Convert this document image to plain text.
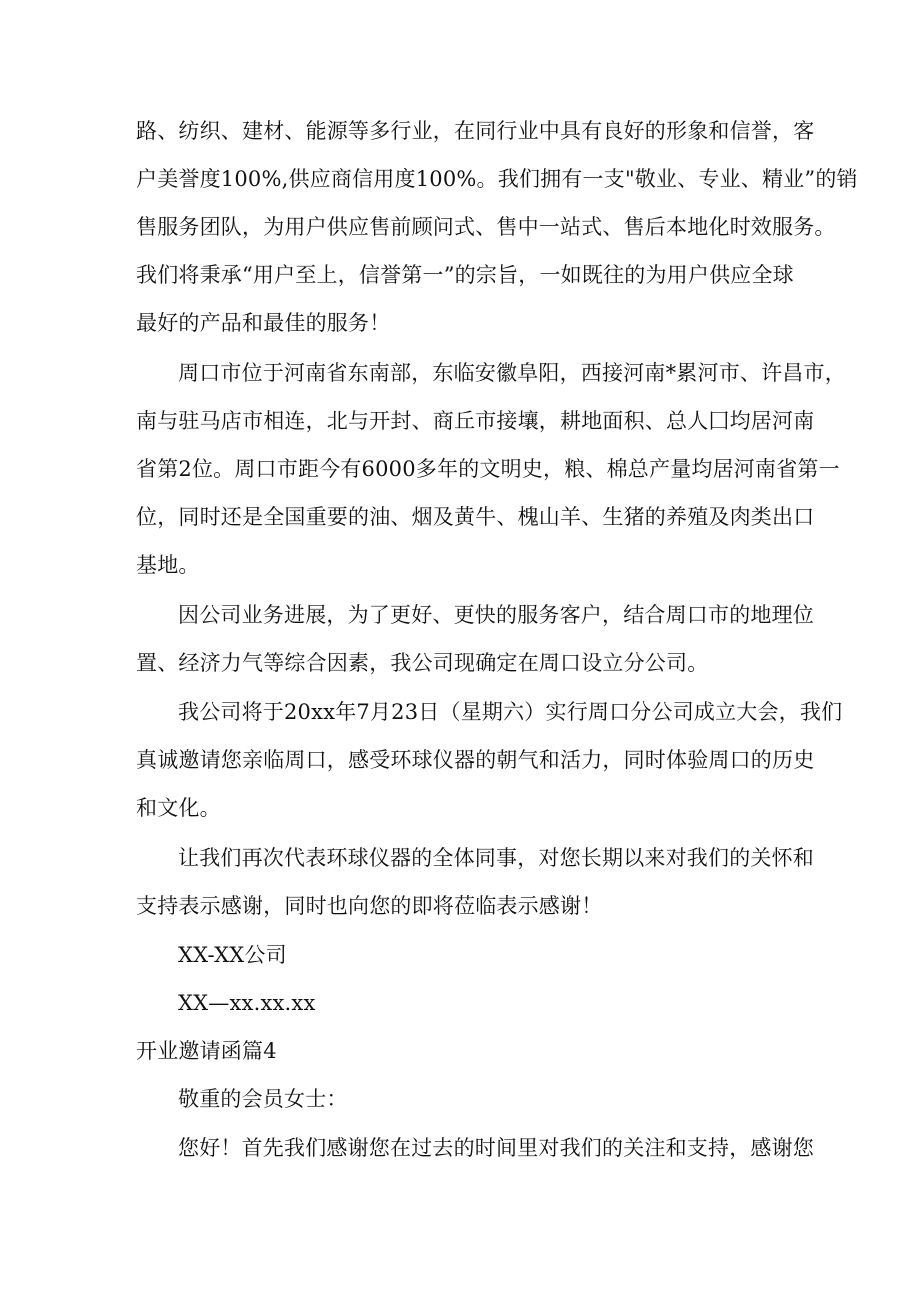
路、纺织、建材、能源等多行业，在同行业中具有良好的形象和信誉，客
户美誉度100%,供应商信用度100%。我们拥有一支"敬业、专业、精业”的销
售服务团队，为用户供应售前顾问式、售中一站式、售后本地化时效服务。
我们将秉承“用户至上，信誉第一”的宗旨，一如既往的为用户供应全球
最好的产品和最佳的服务！
周口市位于河南省东南部，东临安徽阜阳，西接河南*累河市、许昌市，
南与驻马店市相连，北与开封、商丘市接壤，耕地面积、总人囗均居河南
省第2位。周口市距今有6000多年的文明史，粮、棉总产量均居河南省第一
位，同时还是全国重要的油、烟及黄牛、槐山羊、生猪的养殖及肉类出口
基地。
因公司业务进展，为了更好、更快的服务客户，结合周口市的地理位
置、经济力气等综合因素，我公司现确定在周口设立分公司。
我公司将于20xx年7月23日（星期六）实行周口分公司成立大会，我们
真诚邀请您亲临周口，感受环球仪器的朝气和活力，同时体验周口的历史
和文化。
让我们再次代表环球仪器的全体同事，对您长期以来对我们的关怀和
支持表示感谢，同时也向您的即将莅临表示感谢！
XX-XX公司
XX—xx.xx.xx
开业邀请函篇4
敬重的会员女士：
您好！首先我们感谢您在过去的时间里对我们的关注和支持，感谢您
